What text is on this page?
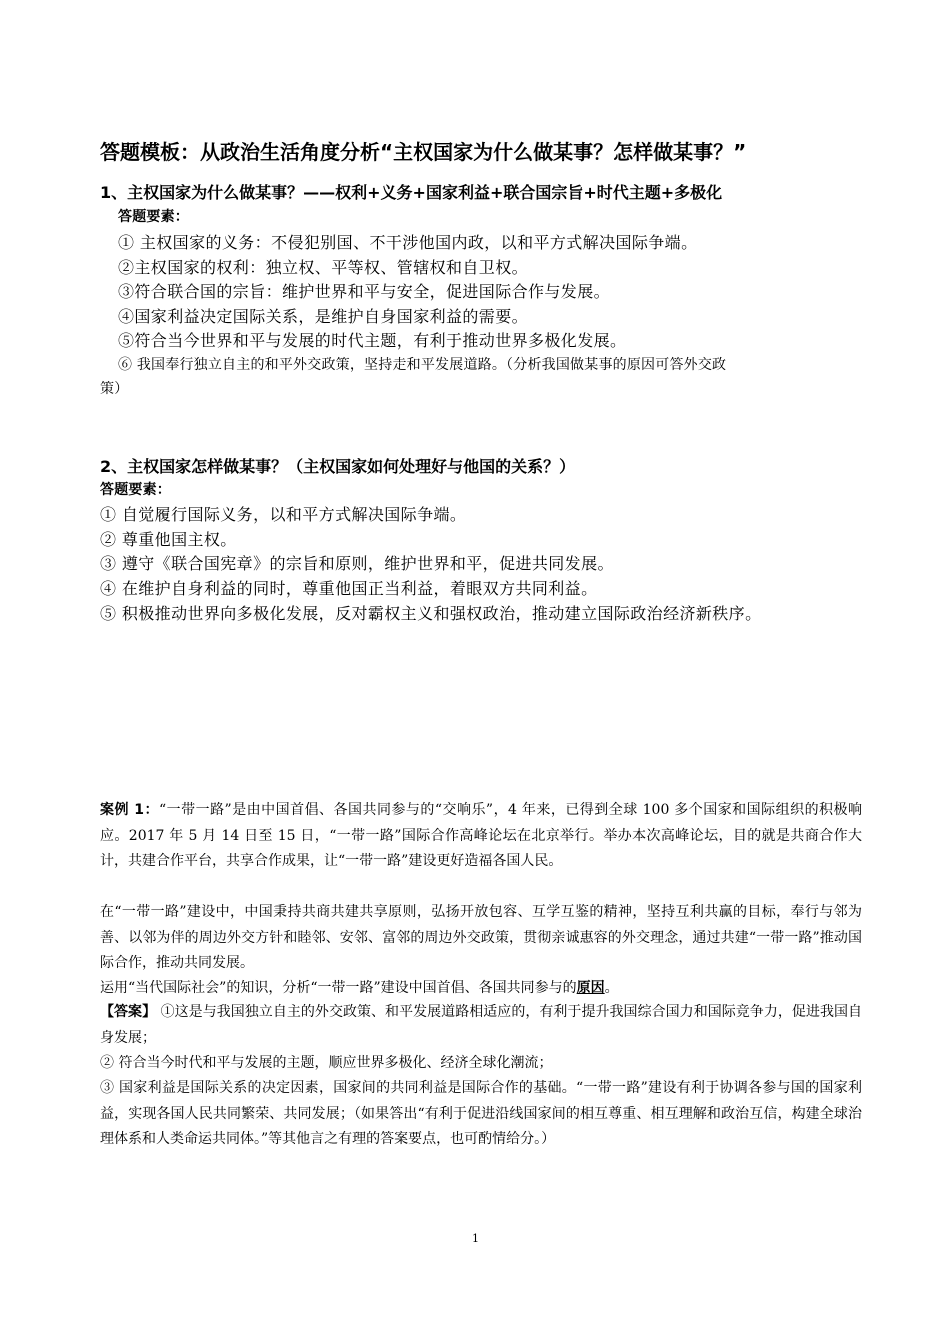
答题模板：从政治生活角度分析“主权国家为什么做某事？怎样做某事？”
1、主权国家为什么做某事？——权利+义务+国家利益+联合国宗旨+时代主题+多极化
答题要素：
① 主权国家的义务：不侵犯别国、不干涉他国内政，以和平方式解决国际争端。
②主权国家的权利：独立权、平等权、管辖权和自卫权。
③符合联合国的宗旨：维护世界和平与安全，促进国际合作与发展。
④国家利益决定国际关系，是维护自身国家利益的需要。
⑤符合当今世界和平与发展的时代主题，有利于推动世界多极化发展。
⑥ 我国奉行独立自主的和平外交政策，坚持走和平发展道路。（分析我国做某事的原因可答外交政
策）
2、主权国家怎样做某事？（主权国家如何处理好与他国的关系？）
答题要素：
① 自觉履行国际义务，以和平方式解决国际争端。
② 尊重他国主权。
③ 遵守《联合国宪章》的宗旨和原则，维护世界和平，促进共同发展。
④ 在维护自身利益的同时，尊重他国正当利益，着眼双方共同利益。
⑤ 积极推动世界向多极化发展，反对霸权主义和强权政治，推动建立国际政治经济新秩序。
案例 1：“一带一路”是由中国首倡、各国共同参与的“交响乐”，4 年来，已得到全球 100 多个国家和国际组织的积极响应。2017 年 5 月 14 日至 15 日，“一带一路”国际合作高峰论坛在北京举行。举办本次高峰论坛，目的就是共商合作大计，共建合作平台，共享合作成果，让“一带一路”建设更好造福各国人民。
在“一带一路”建设中，中国秉持共商共建共享原则，弘扬开放包容、互学互鉴的精神，坚持互利共赢的目标，奉行与邻为善、以邻为伴的周边外交方针和睦邻、安邻、富邻的周边外交政策，贯彻亲诚惠容的外交理念，通过共建“一带一路”推动国际合作，推动共同发展。
运用“当代国际社会”的知识，分析“一带一路”建设中国首倡、各国共同参与的原因。
【答案】 ①这是与我国独立自主的外交政策、和平发展道路相适应的，有利于提升我国综合国力和国际竞争力，促进我国自身发展；
② 符合当今时代和平与发展的主题，顺应世界多极化、经济全球化潮流；
③ 国家利益是国际关系的决定因素，国家间的共同利益是国际合作的基础。“一带一路”建设有利于协调各参与国的国家利益，实现各国人民共同繁荣、共同发展；（如果答出“有利于促进沿线国家间的相互尊重、相互理解和政治互信，构建全球治理体系和人类命运共同体。”等其他言之有理的答案要点，也可酌情给分。）
1
